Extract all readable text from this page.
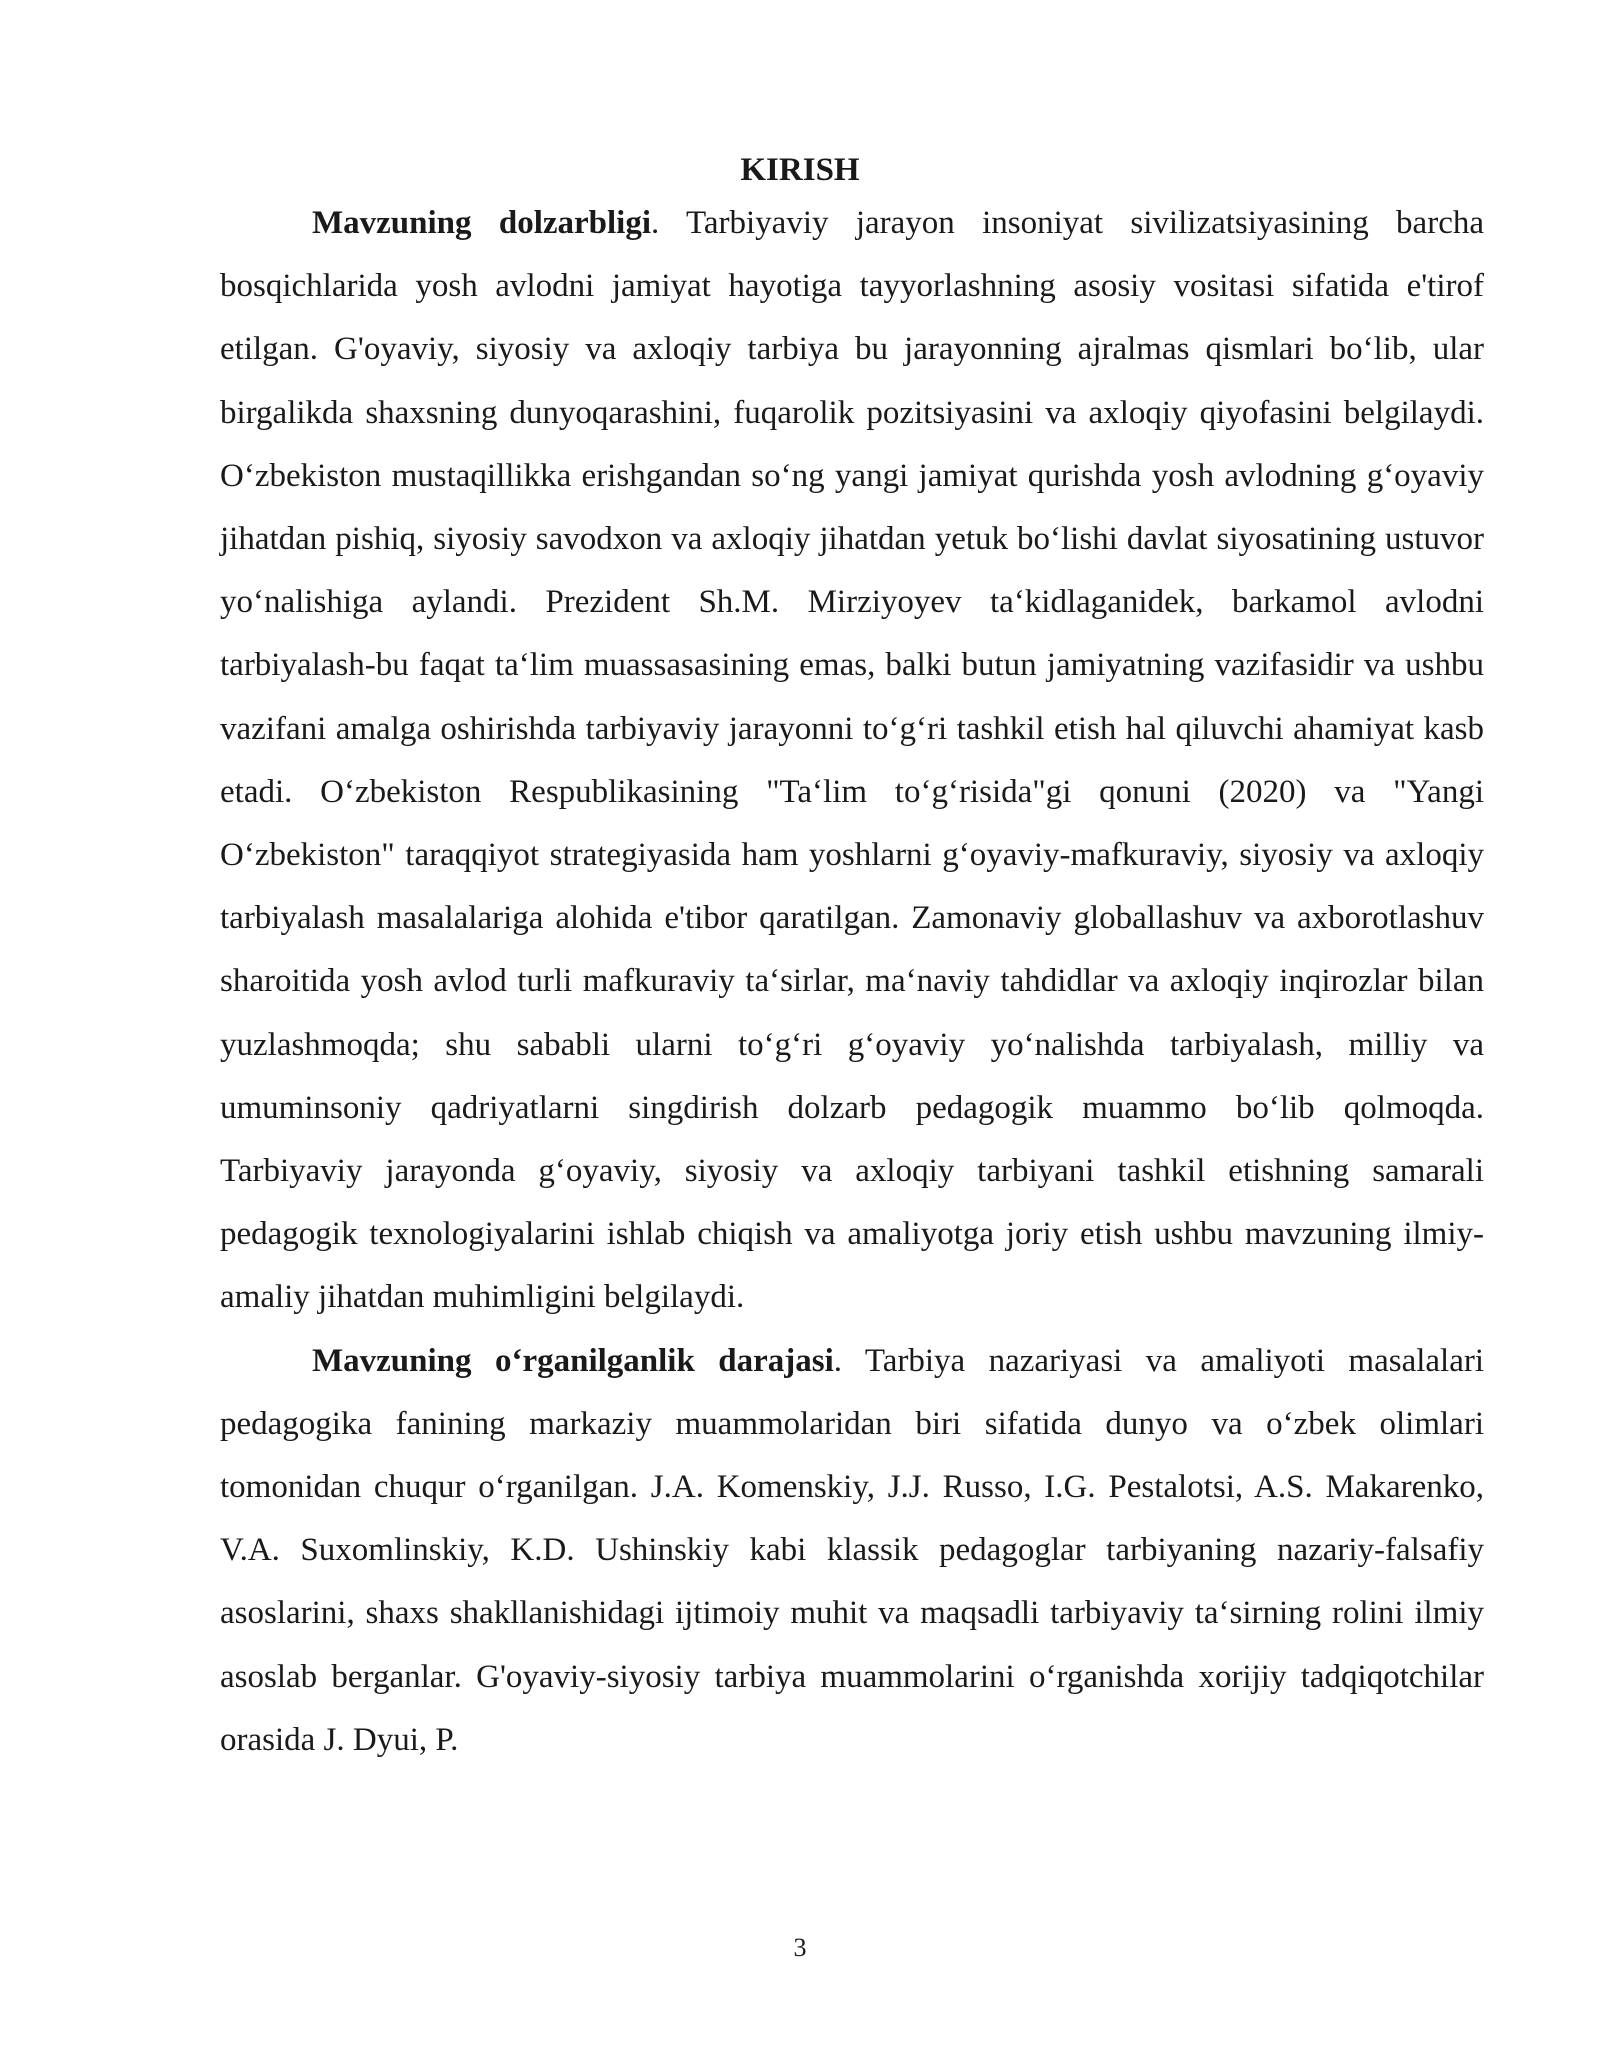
KIRISH

Mavzuning dolzarbligi. Tarbiyaviy jarayon insoniyat sivilizatsiyasining barcha bosqichlarida yosh avlodni jamiyat hayotiga tayyorlashning asosiy vositasi sifatida e'tirof etilgan. G'oyaviy, siyosiy va axloqiy tarbiya bu jarayonning ajralmas qismlari bo‘lib, ular birgalikda shaxsning dunyoqarashini, fuqarolik pozitsiyasini va axloqiy qiyofasini belgilaydi. O‘zbekiston mustaqillikka erishgandan so‘ng yangi jamiyat qurishda yosh avlodning g‘oyaviy jihatdan pishiq, siyosiy savodxon va axloqiy jihatdan yetuk bo‘lishi davlat siyosatining ustuvor yo‘nalishiga aylandi. Prezident Sh.M. Mirziyoyev ta‘kidlaganidek, barkamol avlodni tarbiyalash-bu faqat ta‘lim muassasasining emas, balki butun jamiyatning vazifasidir va ushbu vazifani amalga oshirishda tarbiyaviy jarayonni to‘g‘ri tashkil etish hal qiluvchi ahamiyat kasb etadi. O‘zbekiston Respublikasining "Ta‘lim to‘g‘risida"gi qonuni (2020) va "Yangi O‘zbekiston" taraqqiyot strategiyasida ham yoshlarni g‘oyaviy-mafkuraviy, siyosiy va axloqiy tarbiyalash masalalariga alohida e'tibor qaratilgan. Zamonaviy globallashuv va axborotlashuv sharoitida yosh avlod turli mafkuraviy ta‘sirlar, ma‘naviy tahdidlar va axloqiy inqirozlar bilan yuzlashmoqda; shu sababli ularni to‘g‘ri g‘oyaviy yo‘nalishda tarbiyalash, milliy va umuminsoniy qadriyatlarni singdirish dolzarb pedagogik muammo bo‘lib qolmoqda. Tarbiyaviy jarayonda g‘oyaviy, siyosiy va axloqiy tarbiyani tashkil etishning samarali pedagogik texnologiyalarini ishlab chiqish va amaliyotga joriy etish ushbu mavzuning ilmiy-amaliy jihatdan muhimligini belgilaydi.

Mavzuning o‘rganilganlik darajasi. Tarbiya nazariyasi va amaliyoti masalalari pedagogika fanining markaziy muammolaridan biri sifatida dunyo va o‘zbek olimlari tomonidan chuqur o‘rganilgan. J.A. Komenskiy, J.J. Russo, I.G. Pestalotsi, A.S. Makarenko, V.A. Suxomlinskiy, K.D. Ushinskiy kabi klassik pedagoglar tarbiyaning nazariy-falsafiy asoslarini, shaxs shakllanishidagi ijtimoiy muhit va maqsadli tarbiyaviy ta‘sirning rolini ilmiy asoslab berganlar. G'oyaviy-siyosiy tarbiya muammolarini o‘rganishda xorijiy tadqiqotchilar orasida J. Dyui, P.

3
